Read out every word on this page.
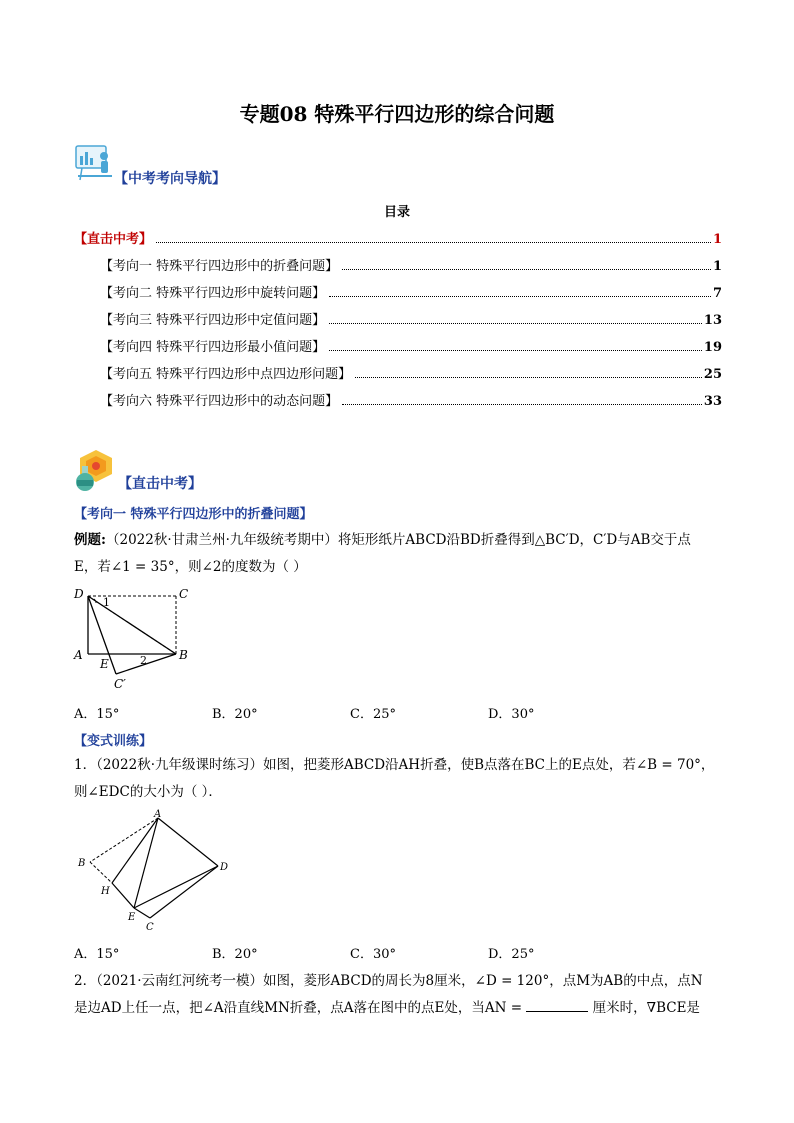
专题08 特殊平行四边形的综合问题
【中考考向导航】
目录
【直击中考】	1
【考向一 特殊平行四边形中的折叠问题】	1
【考向二 特殊平行四边形中旋转问题】	7
【考向三 特殊平行四边形中定值问题】	13
【考向四 特殊平行四边形最小值问题】	19
【考向五 特殊平行四边形中点四边形问题】	25
【考向六 特殊平行四边形中的动态问题】	33
【直击中考】
【考向一 特殊平行四边形中的折叠问题】
例题:（2022秋·甘肃兰州·九年级统考期中）将矩形纸片ABCD沿BD折叠得到△BC′D，C′D与AB交于点
E，若∠1 = 35°，则∠2的度数为（ ）
D	C
A	B
E
C′
1
2
A．15°	B．20°	C．25°	D．30°
【变式训练】
1．（2022秋·九年级课时练习）如图，把菱形ABCD沿AH折叠，使B点落在BC上的E点处，若∠B = 70°，
则∠EDC的大小为（ ）．
A
B
H
E
C
D
A．15°	B．20°	C．30°	D．25°
2．（2021·云南红河统考一模）如图，菱形ABCD的周长为8厘米，∠D = 120°，点M为AB的中点，点N
是边AD上任一点，把∠A沿直线MN折叠，点A落在图中的点E处，当AN =	厘米时，∇BCE是
